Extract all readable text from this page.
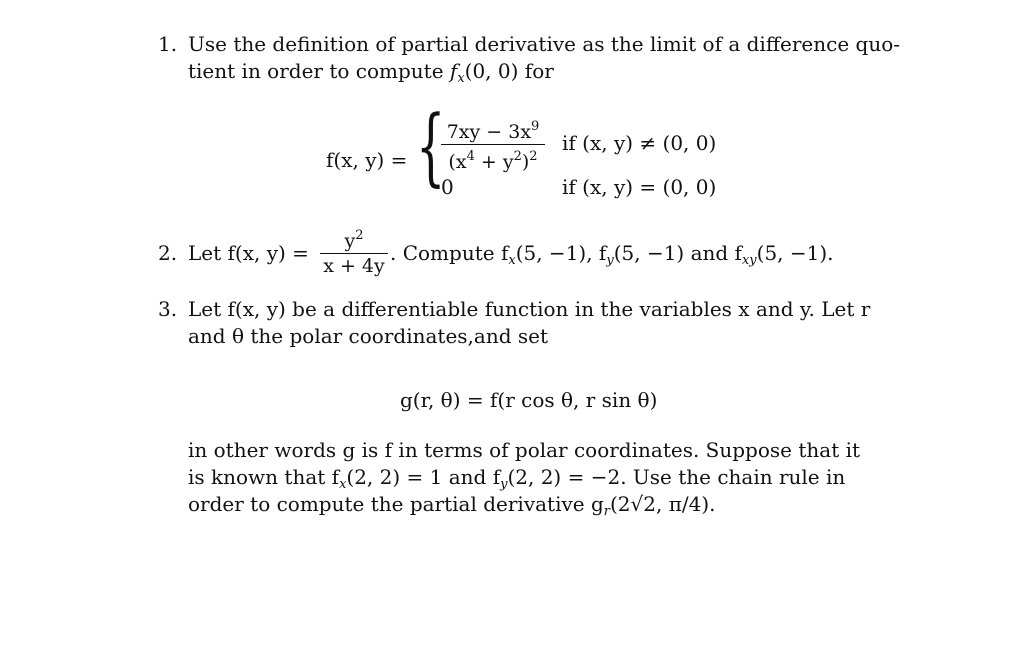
1. Use the definition of partial derivative as the limit of a difference quo-
tient in order to compute $f_x(0$, 0) for
f(x, y) = { $7xy - 3x^9$
$(x^4 + y^2)^2$
if (x, y) ≠ (0, 0)
0	if (x, y) = (0, 0)
2. Let f(x, y) =	$y^2$
x + 4y
. Compute $f_x(5$, −1), $f_y(5$, −1) and $f_{xy}(5$, −1).
3. Let f(x, y) be a differentiable function in the variables x and y. Let r
and θ the polar coordinates,and set
g(r, θ) = f(r cos θ, r sin θ)
in other words g is f in terms of polar coordinates. Suppose that it
is known that $f_x(2$, 2) = 1 and $f_y(2$, 2) = −2. Use the chain rule in
order to compute the partial derivative $g_r(2√2$, π/4).
